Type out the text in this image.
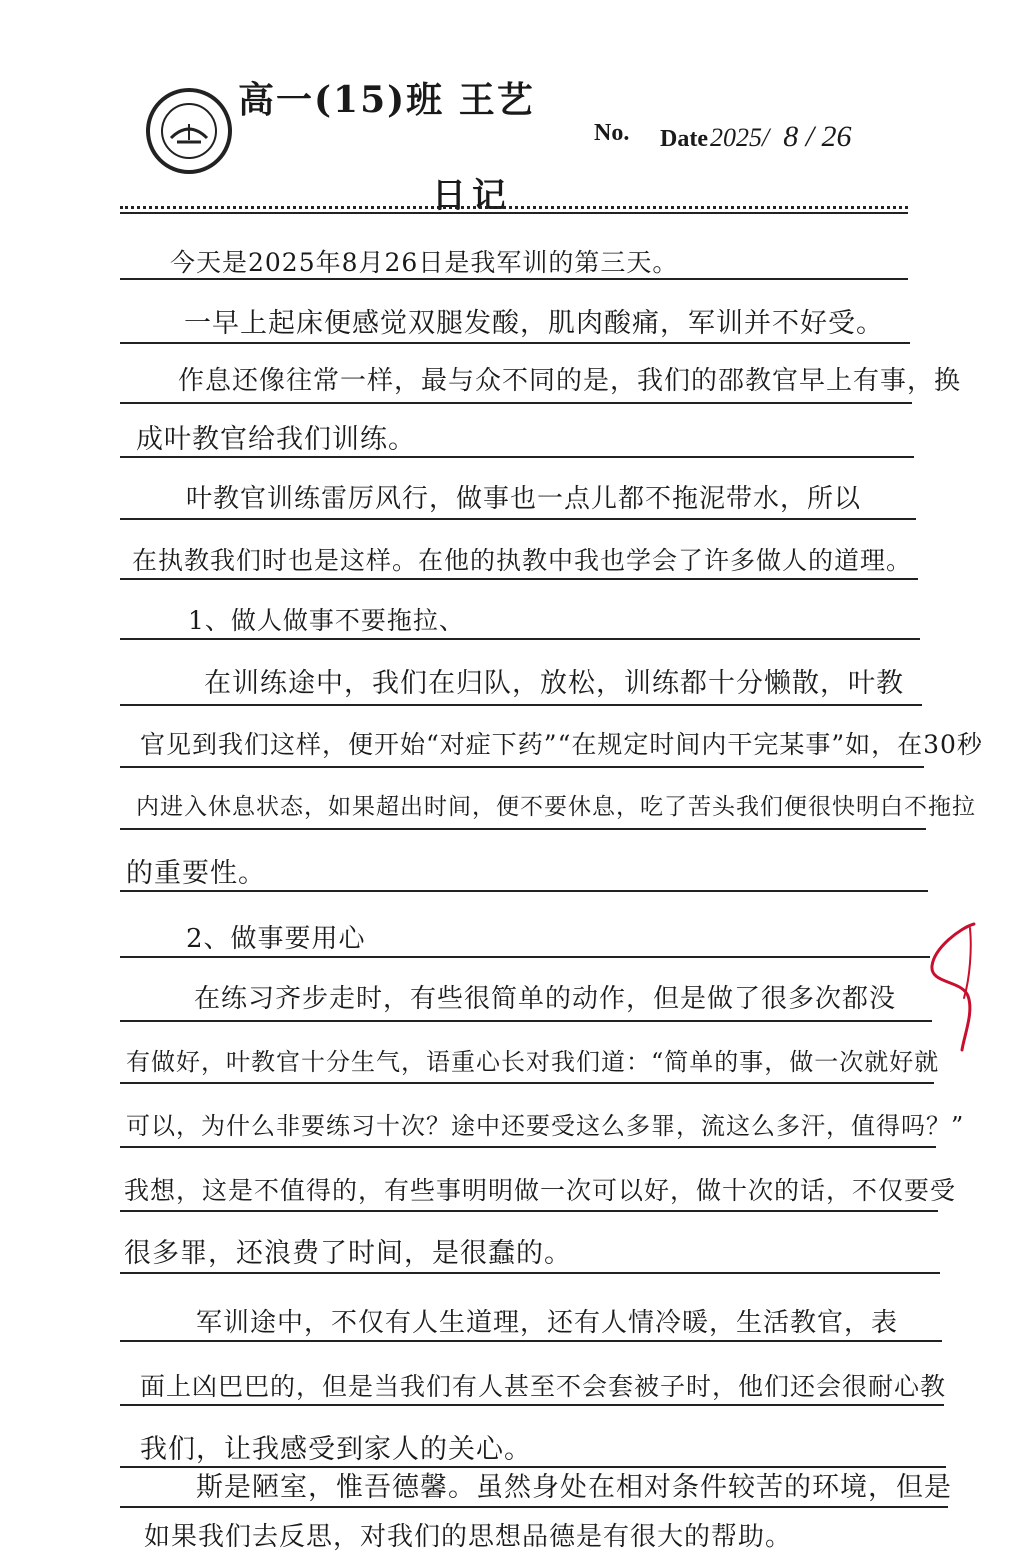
高一(15)班 王艺
No. Date2025/ 8 / 26
日记
今天是2025年8月26日是我军训的第三天。
一早上起床便感觉双腿发酸，肌肉酸痛，军训并不好受。
作息还像往常一样，最与众不同的是，我们的邵教官早上有事，换
成叶教官给我们训练。
叶教官训练雷厉风行，做事也一点儿都不拖泥带水，所以
在执教我们时也是这样。在他的执教中我也学会了许多做人的道理。
1、做人做事不要拖拉、
在训练途中，我们在归队，放松，训练都十分懒散，叶教
官见到我们这样，便开始“对症下药”“在规定时间内干完某事”如，在30秒
内进入休息状态，如果超出时间，便不要休息，吃了苦头我们便很快明白不拖拉
的重要性。
2、做事要用心
在练习齐步走时，有些很简单的动作，但是做了很多次都没
有做好，叶教官十分生气，语重心长对我们道：“简单的事，做一次就好就
可以，为什么非要练习十次？途中还要受这么多罪，流这么多汗，值得吗？”
我想，这是不值得的，有些事明明做一次可以好，做十次的话，不仅要受
很多罪，还浪费了时间，是很蠢的。
军训途中，不仅有人生道理，还有人情冷暖，生活教官，表
面上凶巴巴的，但是当我们有人甚至不会套被子时，他们还会很耐心教
我们，让我感受到家人的关心。
斯是陋室，惟吾德馨。虽然身处在相对条件较苦的环境，但是
如果我们去反思，对我们的思想品德是有很大的帮助。
